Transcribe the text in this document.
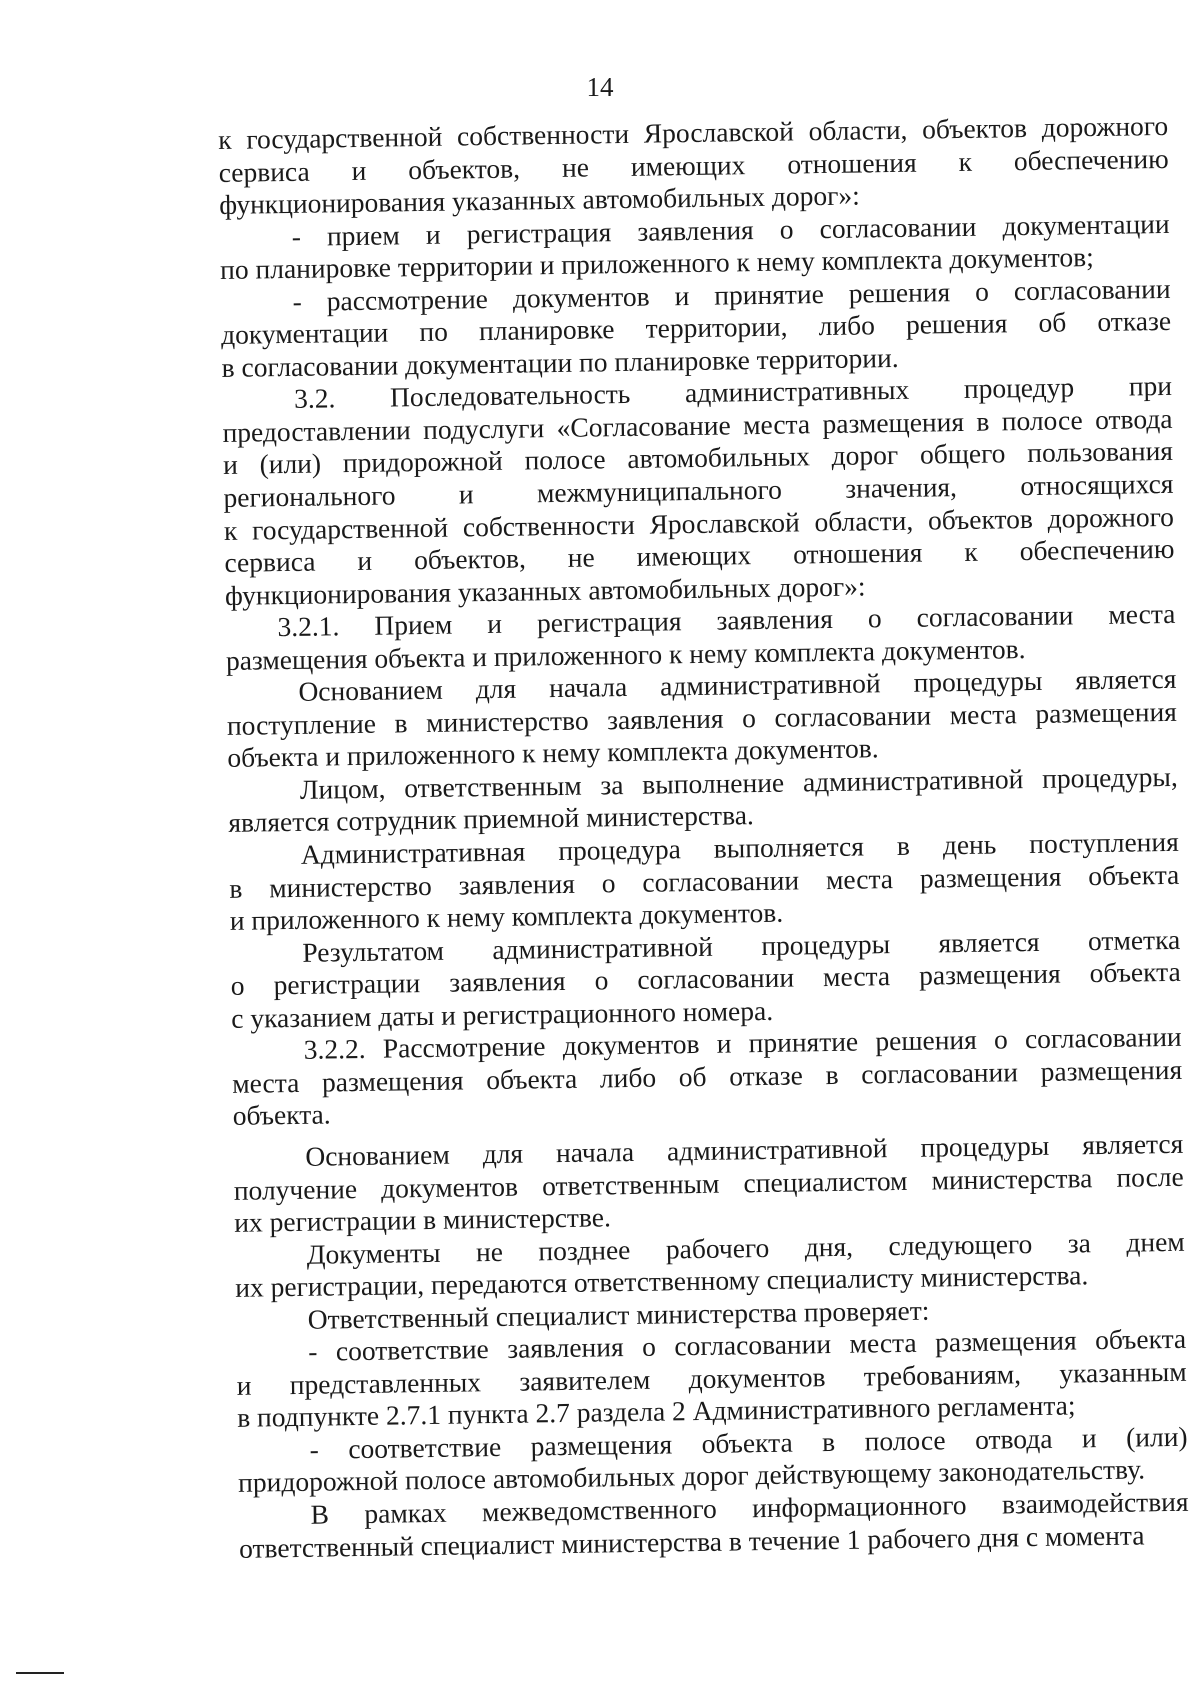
14
к государственной собственности Ярославской области, объектов дорожного
сервиса и объектов, не имеющих отношения к обеспечению
функционирования указанных автомобильных дорог»:
- прием и регистрация заявления о согласовании документации
по планировке территории и приложенного к нему комплекта документов;
- рассмотрение документов и принятие решения о согласовании
документации по планировке территории, либо решения об отказе
в согласовании документации по планировке территории.
3.2. Последовательность административных процедур при
предоставлении подуслуги «Согласование места размещения в полосе отвода
и (или) придорожной полосе автомобильных дорог общего пользования
регионального и межмуниципального значения, относящихся
к государственной собственности Ярославской области, объектов дорожного
сервиса и объектов, не имеющих отношения к обеспечению
функционирования указанных автомобильных дорог»:
3.2.1. Прием и регистрация заявления о согласовании места
размещения объекта и приложенного к нему комплекта документов.
Основанием для начала административной процедуры является
поступление в министерство заявления о согласовании места размещения
объекта и приложенного к нему комплекта документов.
Лицом, ответственным за выполнение административной процедуры,
является сотрудник приемной министерства.
Административная процедура выполняется в день поступления
в министерство заявления о согласовании места размещения объекта
и приложенного к нему комплекта документов.
Результатом административной процедуры является отметка
о регистрации заявления о согласовании места размещения объекта
с указанием даты и регистрационного номера.
3.2.2. Рассмотрение документов и принятие решения о согласовании
места размещения объекта либо об отказе в согласовании размещения
объекта.
Основанием для начала административной процедуры является
получение документов ответственным специалистом министерства после
их регистрации в министерстве.
Документы не позднее рабочего дня, следующего за днем
их регистрации, передаются ответственному специалисту министерства.
Ответственный специалист министерства проверяет:
- соответствие заявления о согласовании места размещения объекта
и представленных заявителем документов требованиям, указанным
в подпункте 2.7.1 пункта 2.7 раздела 2 Административного регламента;
- соответствие размещения объекта в полосе отвода и (или)
придорожной полосе автомобильных дорог действующему законодательству.
В рамках межведомственного информационного взаимодействия
ответственный специалист министерства в течение 1 рабочего дня с момента
